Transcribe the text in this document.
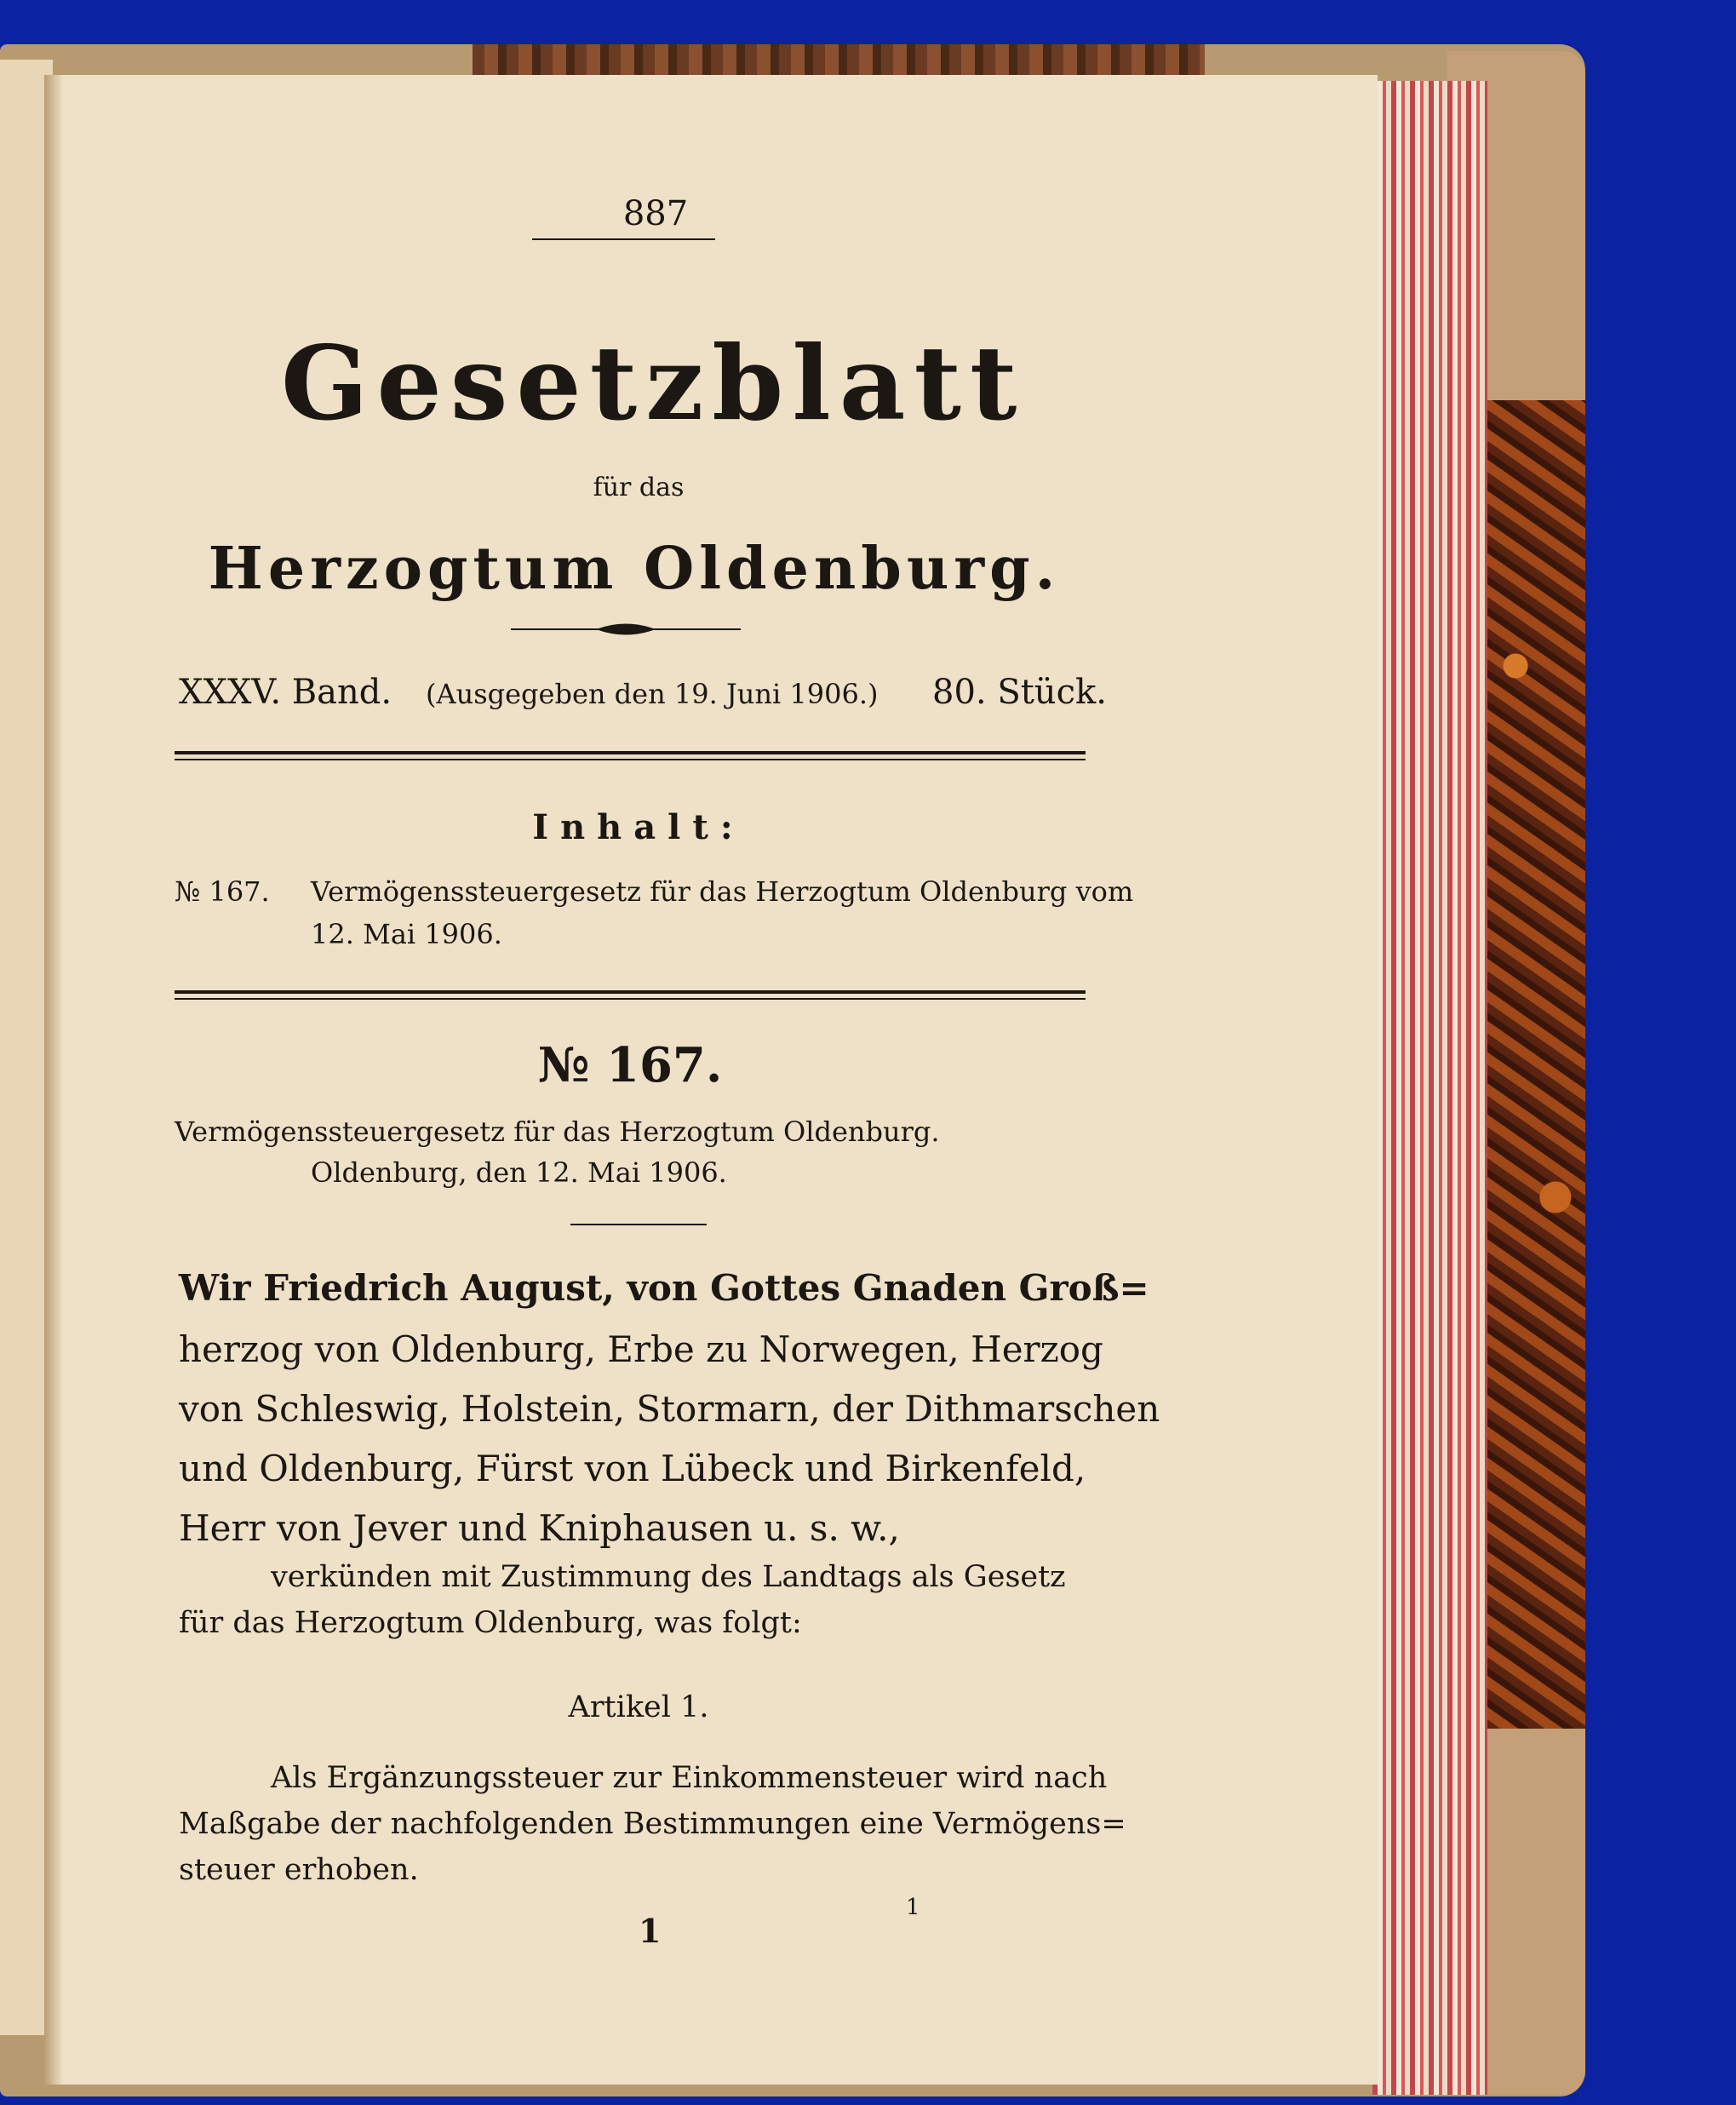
887
Gesetzblatt
für das
Herzogtum Oldenburg.
XXXV. Band. (Ausgegeben den 19. Juni 1906.) 80. Stück.
Inhalt:
№ 167. Vermögenssteuergesetz für das Herzogtum Oldenburg vom
12. Mai 1906.
№ 167.
Vermögenssteuergesetz für das Herzogtum Oldenburg.
Oldenburg, den 12. Mai 1906.
Wir Friedrich August, von Gottes Gnaden Groß=
herzog von Oldenburg, Erbe zu Norwegen, Herzog
von Schleswig, Holstein, Stormarn, der Dithmarschen
und Oldenburg, Fürst von Lübeck und Birkenfeld,
Herr von Jever und Kniphausen u. s. w.,
verkünden mit Zustimmung des Landtags als Gesetz
für das Herzogtum Oldenburg, was folgt:
Artikel 1.
Als Ergänzungssteuer zur Einkommensteuer wird nach
Maßgabe der nachfolgenden Bestimmungen eine Vermögens=
steuer erhoben.
1
1
